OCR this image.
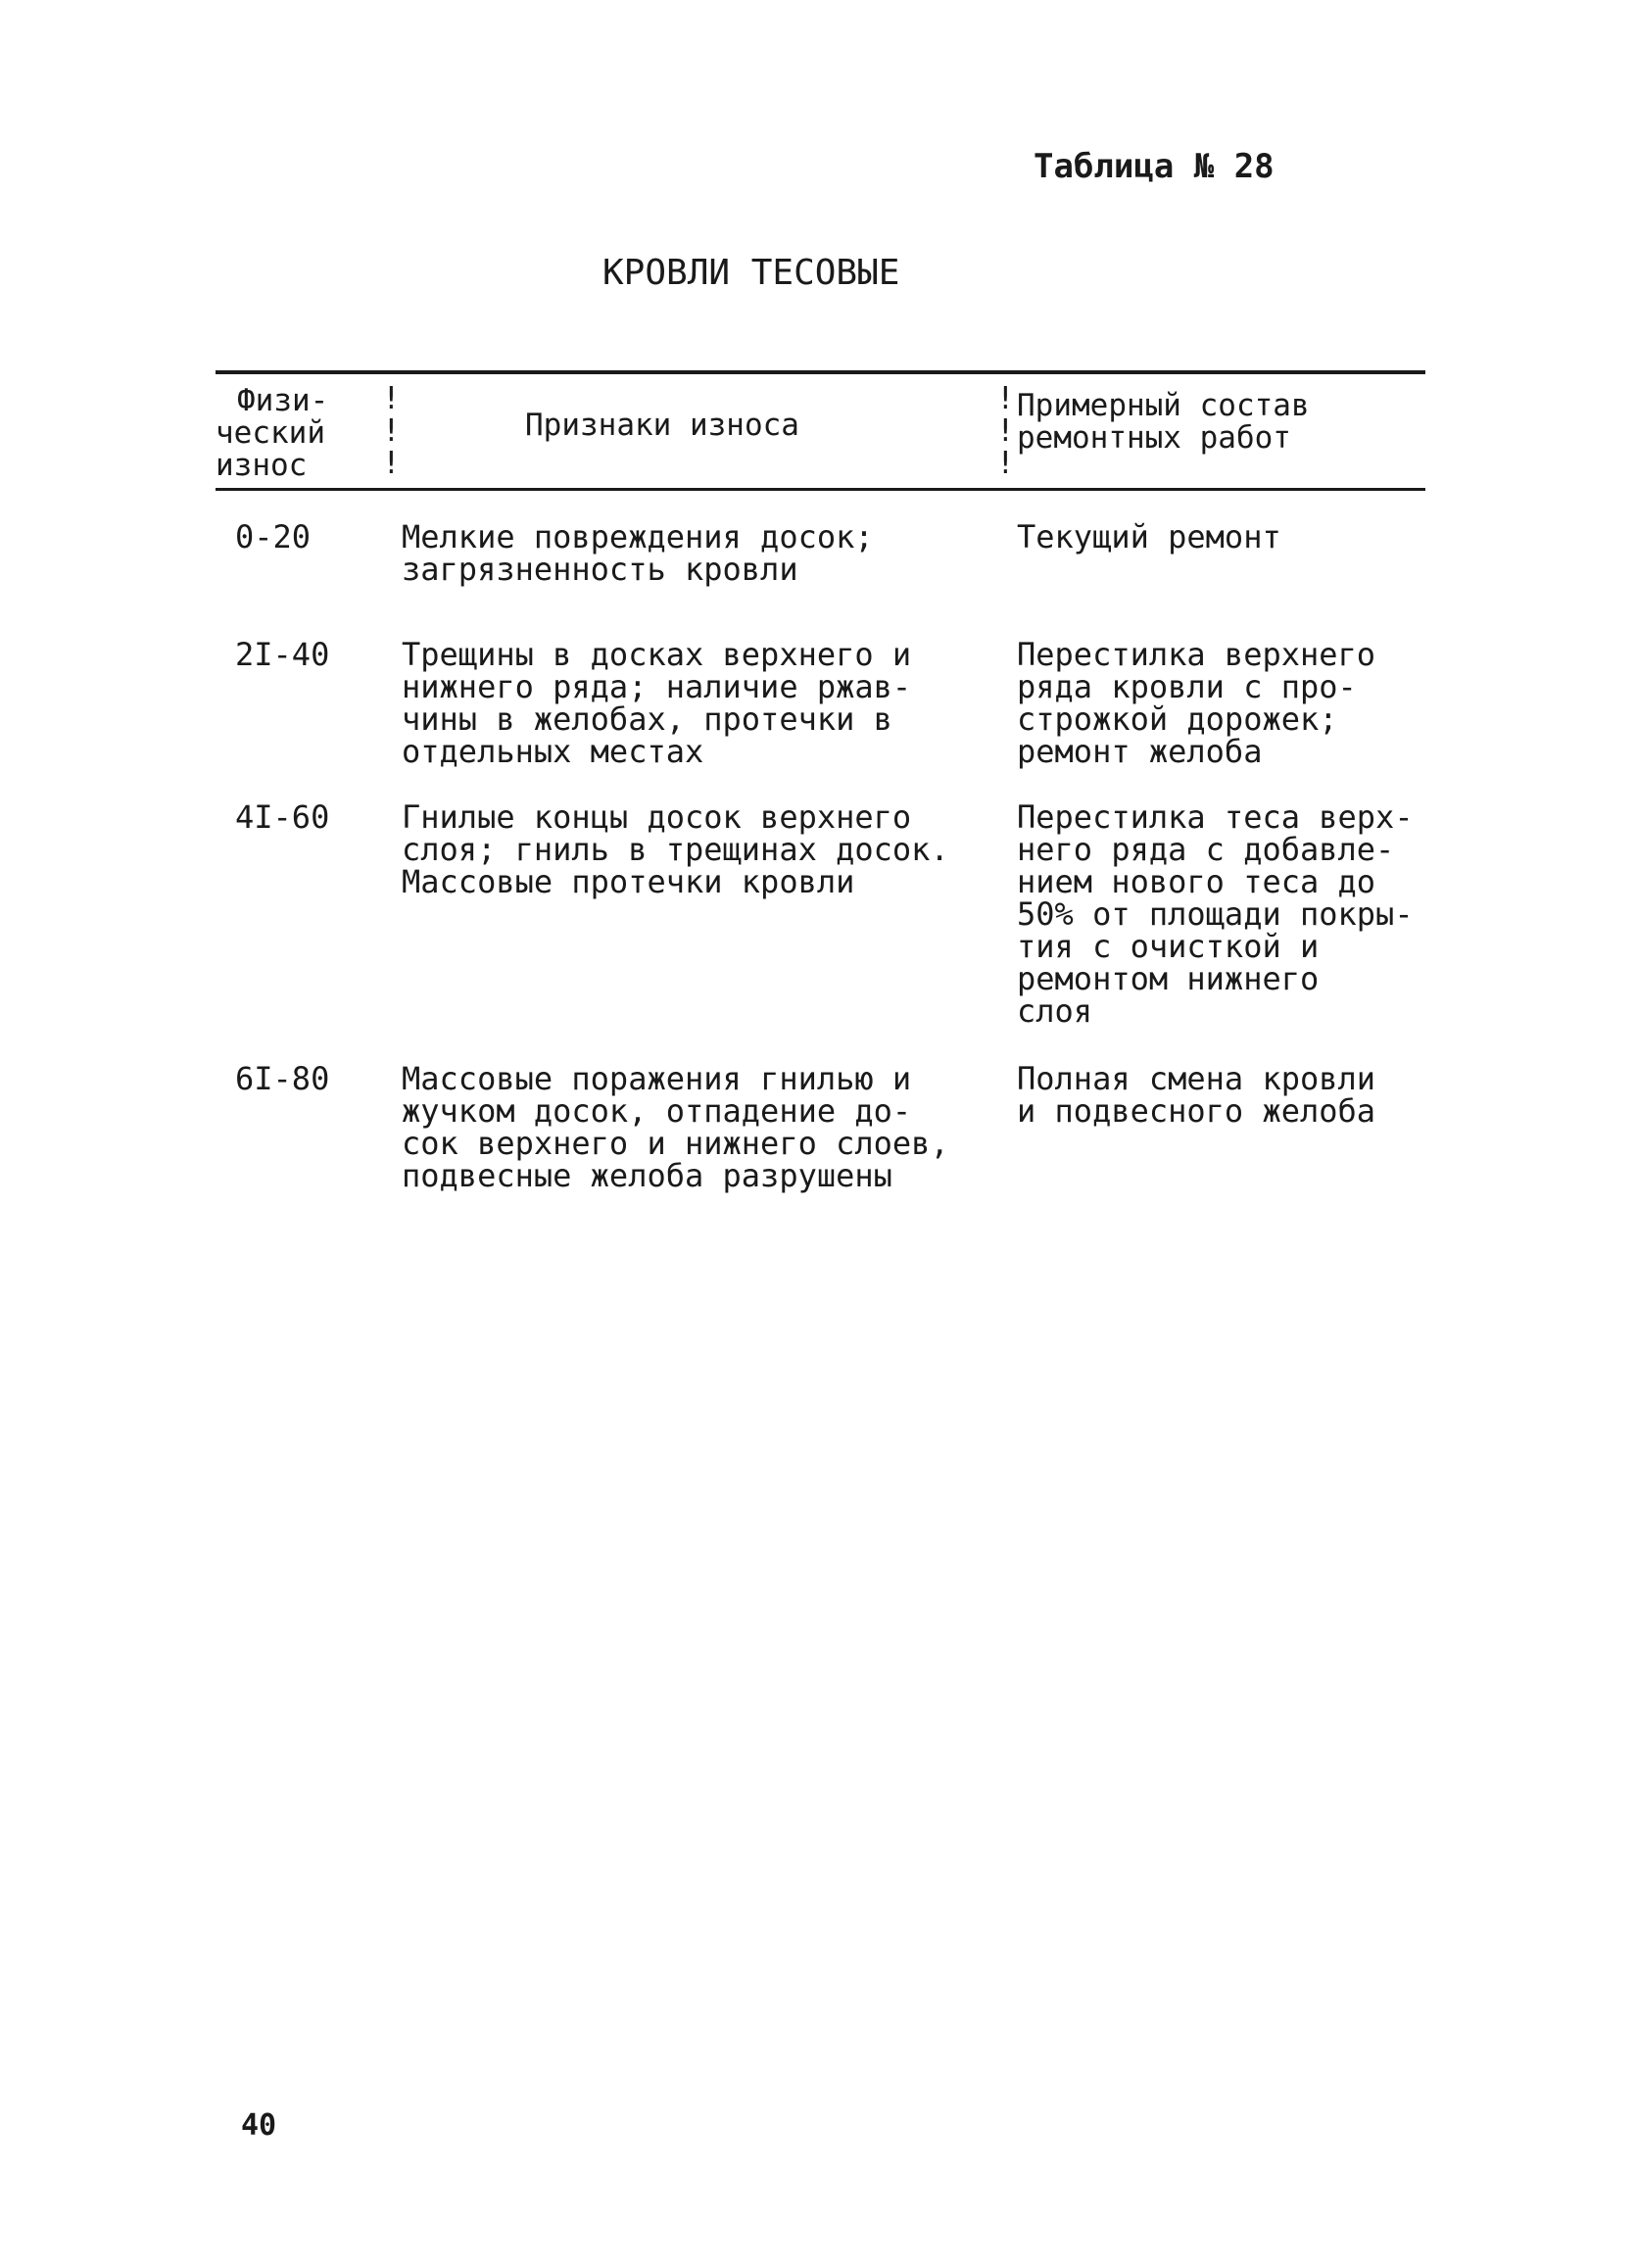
Таблица № 28
КРОВЛИ ТЕСОВЫЕ
Физи-
ческий
износ
!
!
!
Признаки износа
!
!
!
Примерный состав
ремонтных работ
0-20	Мелкие повреждения досок;
загрязненность кровли
Текущий ремонт
2I-40 Трещины в досках верхнего и
нижнего ряда; наличие ржав-
чины в желобах, протечки в
отдельных местах
Перестилка верхнего
ряда кровли с про-
строжкой дорожек;
ремонт желоба
4I-60 Гнилые концы досок верхнего
слоя; гниль в трещинах досок.
Массовые протечки кровли
Перестилка теса верх-
него ряда с добавле-
нием нового теса до
50% от площади покры-
тия с очисткой и
ремонтом нижнего
слоя
6I-80 Массовые поражения гнилью и
жучком досок, отпадение до-
сок верхнего и нижнего слоев,
подвесные желоба разрушены
Полная смена кровли
и подвесного желоба
40
